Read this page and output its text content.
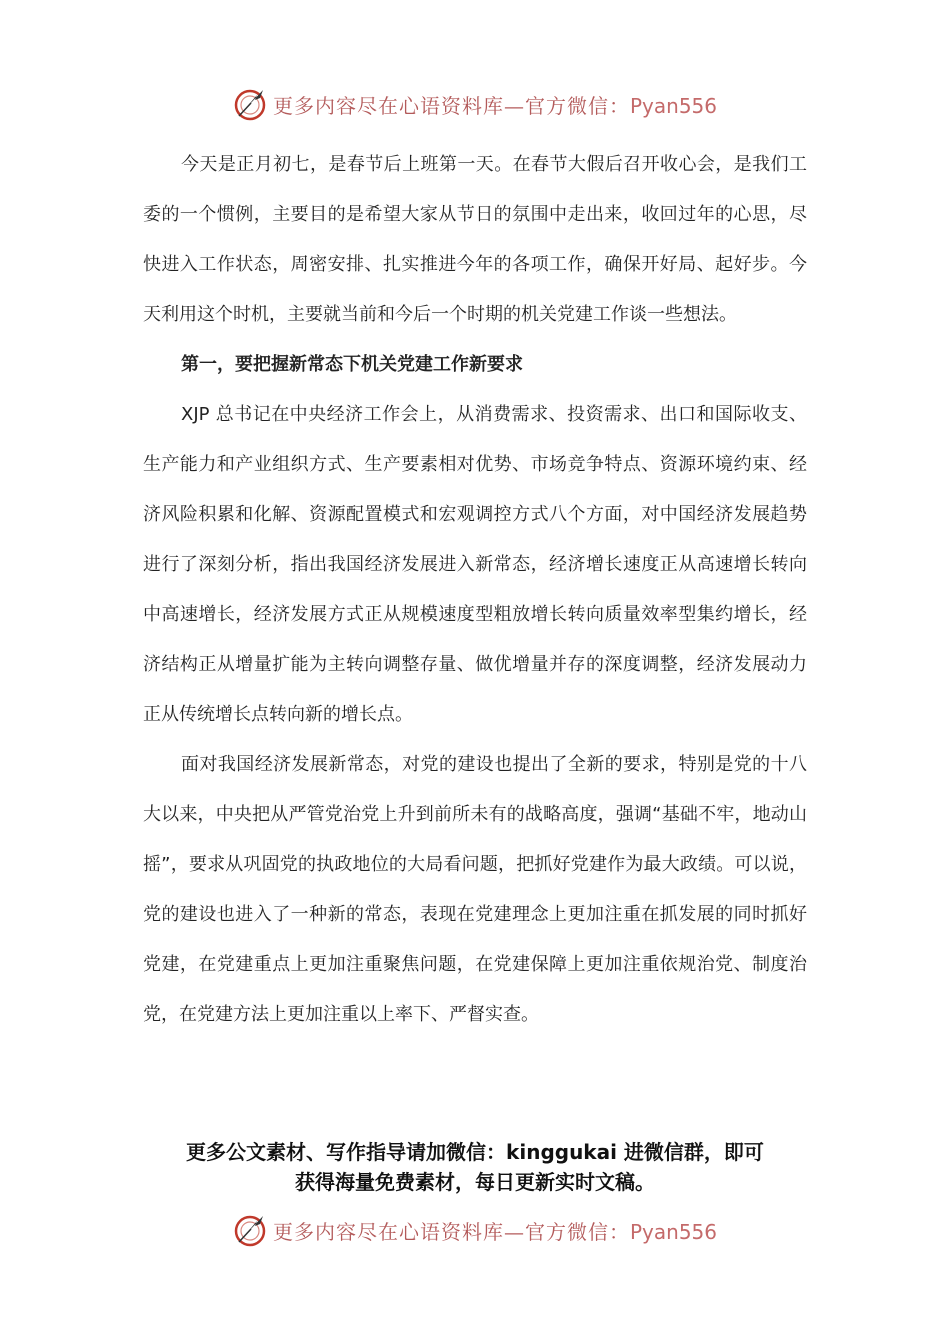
更多内容尽在心语资料库—官方微信：Pyan556

今天是正月初七，是春节后上班第一天。在春节大假后召开收心会，是我们工委的一个惯例，主要目的是希望大家从节日的氛围中走出来，收回过年的心思，尽快进入工作状态，周密安排、扎实推进今年的各项工作，确保开好局、起好步。今天利用这个时机，主要就当前和今后一个时期的机关党建工作谈一些想法。

第一，要把握新常态下机关党建工作新要求

XJP 总书记在中央经济工作会上，从消费需求、投资需求、出口和国际收支、生产能力和产业组织方式、生产要素相对优势、市场竞争特点、资源环境约束、经济风险积累和化解、资源配置模式和宏观调控方式八个方面，对中国经济发展趋势进行了深刻分析，指出我国经济发展进入新常态，经济增长速度正从高速增长转向中高速增长，经济发展方式正从规模速度型粗放增长转向质量效率型集约增长，经济结构正从增量扩能为主转向调整存量、做优增量并存的深度调整，经济发展动力正从传统增长点转向新的增长点。

面对我国经济发展新常态，对党的建设也提出了全新的要求，特别是党的十八大以来，中央把从严管党治党上升到前所未有的战略高度，强调“基础不牢，地动山摇”，要求从巩固党的执政地位的大局看问题，把抓好党建作为最大政绩。可以说，党的建设也进入了一种新的常态，表现在党建理念上更加注重在抓发展的同时抓好党建，在党建重点上更加注重聚焦问题，在党建保障上更加注重依规治党、制度治党，在党建方法上更加注重以上率下、严督实查。

更多公文素材、写作指导请加微信：kinggukai 进微信群，即可
获得海量免费素材，每日更新实时文稿。
更多内容尽在心语资料库—官方微信：Pyan556
